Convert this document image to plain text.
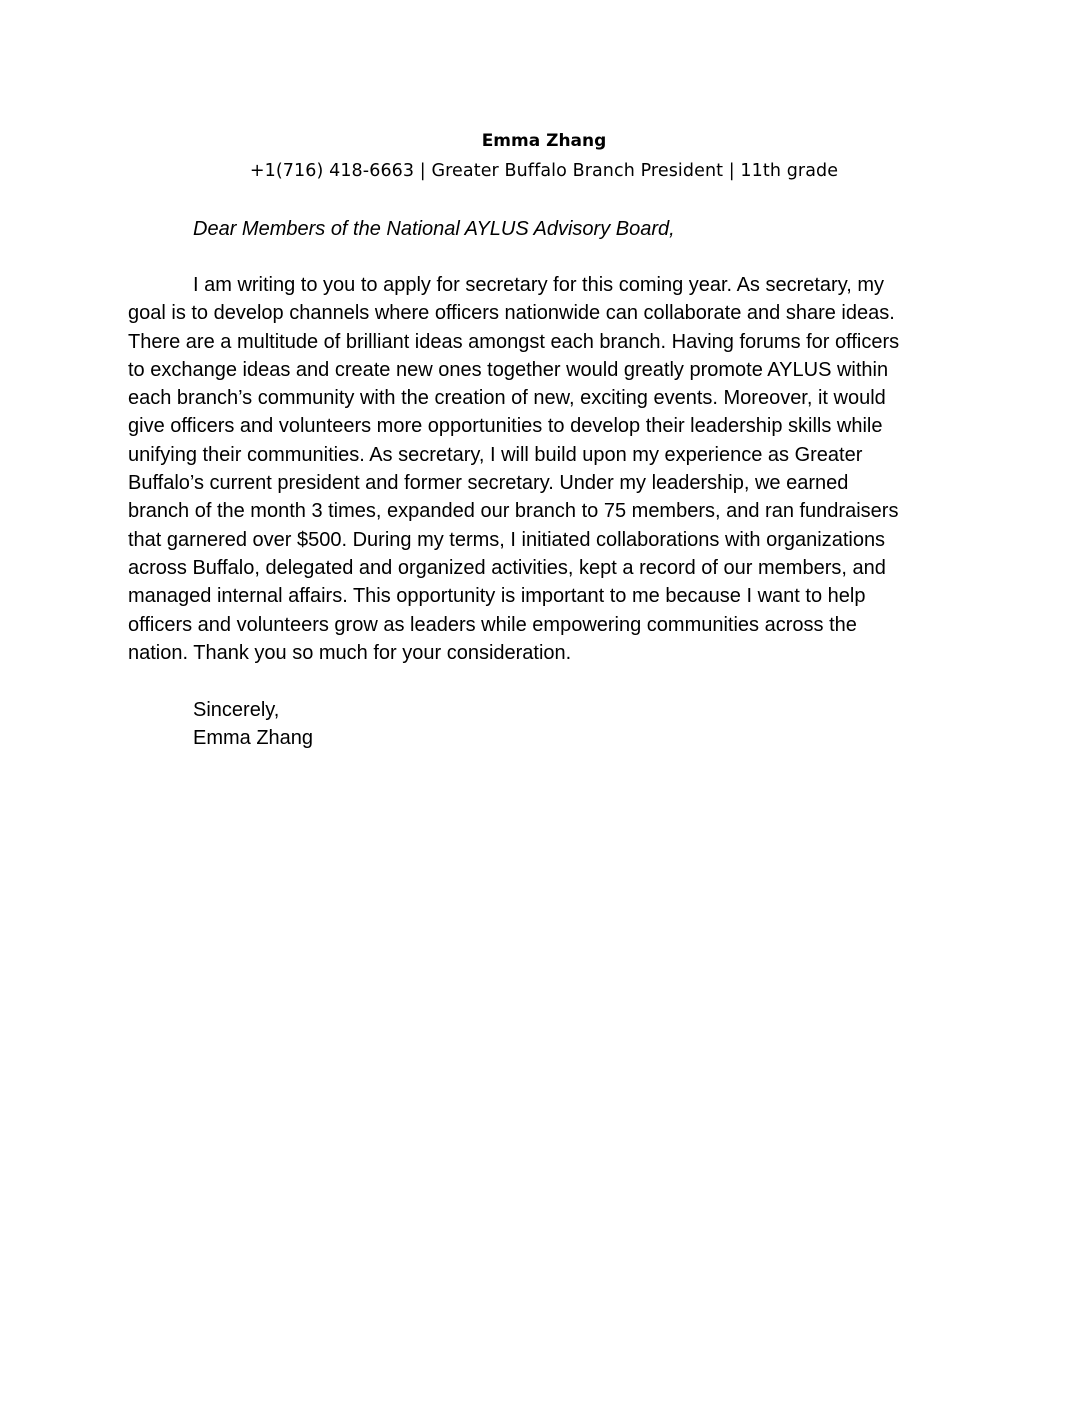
Emma Zhang
+1(716) 418-6663 | Greater Buffalo Branch President | 11th grade
Dear Members of the National AYLUS Advisory Board,
I am writing to you to apply for secretary for this coming year. As secretary, my
goal is to develop channels where officers nationwide can collaborate and share ideas.
There are a multitude of brilliant ideas amongst each branch. Having forums for officers
to exchange ideas and create new ones together would greatly promote AYLUS within
each branch’s community with the creation of new, exciting events. Moreover, it would
give officers and volunteers more opportunities to develop their leadership skills while
unifying their communities. As secretary, I will build upon my experience as Greater
Buffalo’s current president and former secretary. Under my leadership, we earned
branch of the month 3 times, expanded our branch to 75 members, and ran fundraisers
that garnered over $500. During my terms, I initiated collaborations with organizations
across Buffalo, delegated and organized activities, kept a record of our members, and
managed internal affairs. This opportunity is important to me because I want to help
officers and volunteers grow as leaders while empowering communities across the
nation. Thank you so much for your consideration.
Sincerely,
Emma Zhang
